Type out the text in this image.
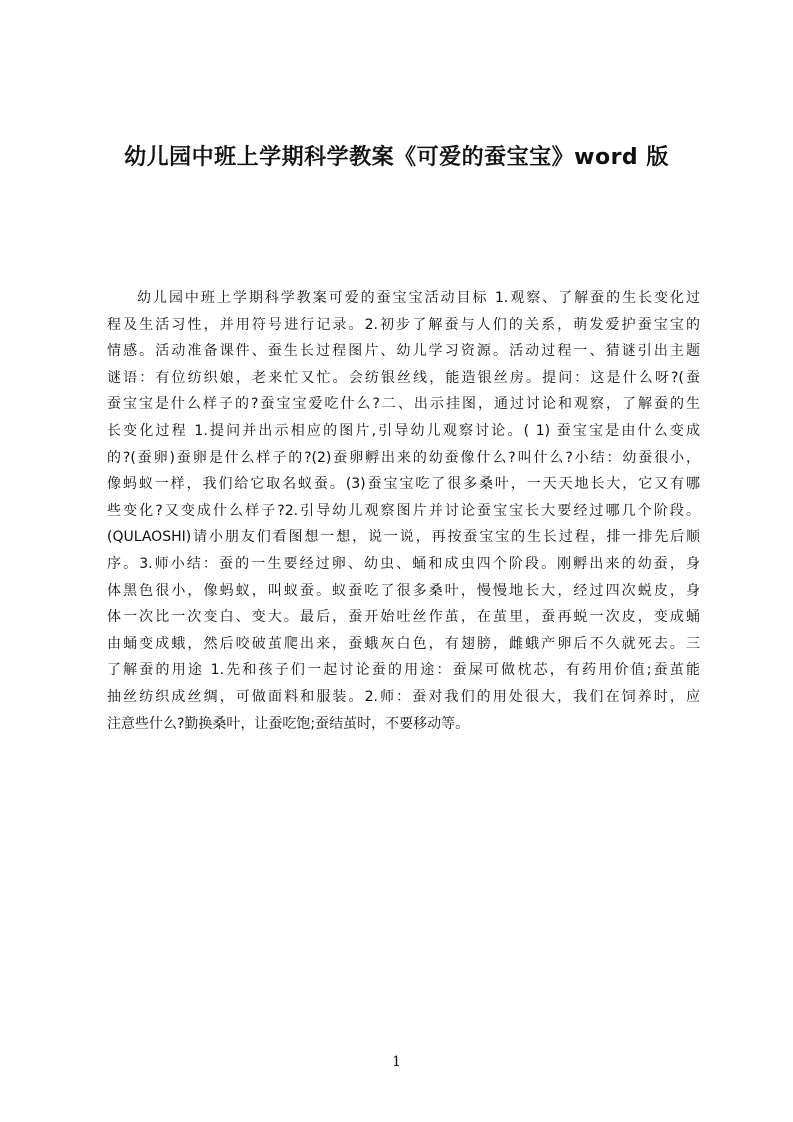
幼儿园中班上学期科学教案《可爱的蚕宝宝》word 版
幼儿园中班上学期科学教案可爱的蚕宝宝活动目标 1.观察、了解蚕的生长变化过
程及生活习性，并用符号进行记录。2.初步了解蚕与人们的关系，萌发爱护蚕宝宝的
情感。活动准备课件、蚕生长过程图片、幼儿学习资源。活动过程一、猜谜引出主题
谜语：有位纺织娘，老来忙又忙。会纺银丝线，能造银丝房。提问：这是什么呀?(蚕
蚕宝宝是什么样子的?蚕宝宝爱吃什么?二、出示挂图，通过讨论和观察，了解蚕的生
长变化过程 1.提问并出示相应的图片,引导幼儿观察讨论。( 1) 蚕宝宝是由什么变成
的?(蚕卵)蚕卵是什么样子的?(2)蚕卵孵出来的幼蚕像什么?叫什么?小结：幼蚕很小，
像蚂蚁一样，我们给它取名蚁蚕。(3)蚕宝宝吃了很多桑叶，一天天地长大，它又有哪
些变化?又变成什么样子?2.引导幼儿观察图片并讨论蚕宝宝长大要经过哪几个阶段。
(QULAOSHI)请小朋友们看图想一想，说一说，再按蚕宝宝的生长过程，排一排先后顺
序。3.师小结：蚕的一生要经过卵、幼虫、蛹和成虫四个阶段。刚孵出来的幼蚕，身
体黑色很小，像蚂蚁，叫蚁蚕。蚁蚕吃了很多桑叶，慢慢地长大，经过四次蜕皮，身
体一次比一次变白、变大。最后，蚕开始吐丝作茧，在茧里，蚕再蜕一次皮，变成蛹
由蛹变成蛾，然后咬破茧爬出来，蚕蛾灰白色，有翅膀，雌蛾产卵后不久就死去。三
了解蚕的用途 1.先和孩子们一起讨论蚕的用途：蚕屎可做枕芯，有药用价值;蚕茧能
抽丝纺织成丝绸，可做面料和服装。2.师：蚕对我们的用处很大，我们在饲养时，应
注意些什么?勤换桑叶，让蚕吃饱;蚕结茧时，不要移动等。
1
